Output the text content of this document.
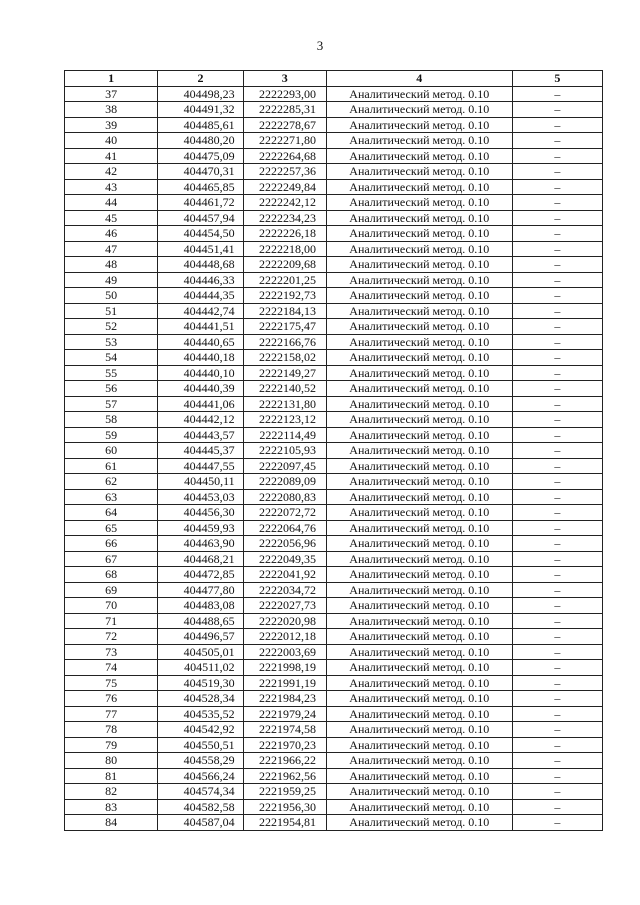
3
1	2	3	4	5
37	404498,23	2222293,00	Аналитический метод. 0.10	–
38	404491,32	2222285,31	Аналитический метод. 0.10	–
39	404485,61	2222278,67	Аналитический метод. 0.10	–
40	404480,20	2222271,80	Аналитический метод. 0.10	–
41	404475,09	2222264,68	Аналитический метод. 0.10	–
42	404470,31	2222257,36	Аналитический метод. 0.10	–
43	404465,85	2222249,84	Аналитический метод. 0.10	–
44	404461,72	2222242,12	Аналитический метод. 0.10	–
45	404457,94	2222234,23	Аналитический метод. 0.10	–
46	404454,50	2222226,18	Аналитический метод. 0.10	–
47	404451,41	2222218,00	Аналитический метод. 0.10	–
48	404448,68	2222209,68	Аналитический метод. 0.10	–
49	404446,33	2222201,25	Аналитический метод. 0.10	–
50	404444,35	2222192,73	Аналитический метод. 0.10	–
51	404442,74	2222184,13	Аналитический метод. 0.10	–
52	404441,51	2222175,47	Аналитический метод. 0.10	–
53	404440,65	2222166,76	Аналитический метод. 0.10	–
54	404440,18	2222158,02	Аналитический метод. 0.10	–
55	404440,10	2222149,27	Аналитический метод. 0.10	–
56	404440,39	2222140,52	Аналитический метод. 0.10	–
57	404441,06	2222131,80	Аналитический метод. 0.10	–
58	404442,12	2222123,12	Аналитический метод. 0.10	–
59	404443,57	2222114,49	Аналитический метод. 0.10	–
60	404445,37	2222105,93	Аналитический метод. 0.10	–
61	404447,55	2222097,45	Аналитический метод. 0.10	–
62	404450,11	2222089,09	Аналитический метод. 0.10	–
63	404453,03	2222080,83	Аналитический метод. 0.10	–
64	404456,30	2222072,72	Аналитический метод. 0.10	–
65	404459,93	2222064,76	Аналитический метод. 0.10	–
66	404463,90	2222056,96	Аналитический метод. 0.10	–
67	404468,21	2222049,35	Аналитический метод. 0.10	–
68	404472,85	2222041,92	Аналитический метод. 0.10	–
69	404477,80	2222034,72	Аналитический метод. 0.10	–
70	404483,08	2222027,73	Аналитический метод. 0.10	–
71	404488,65	2222020,98	Аналитический метод. 0.10	–
72	404496,57	2222012,18	Аналитический метод. 0.10	–
73	404505,01	2222003,69	Аналитический метод. 0.10	–
74	404511,02	2221998,19	Аналитический метод. 0.10	–
75	404519,30	2221991,19	Аналитический метод. 0.10	–
76	404528,34	2221984,23	Аналитический метод. 0.10	–
77	404535,52	2221979,24	Аналитический метод. 0.10	–
78	404542,92	2221974,58	Аналитический метод. 0.10	–
79	404550,51	2221970,23	Аналитический метод. 0.10	–
80	404558,29	2221966,22	Аналитический метод. 0.10	–
81	404566,24	2221962,56	Аналитический метод. 0.10	–
82	404574,34	2221959,25	Аналитический метод. 0.10	–
83	404582,58	2221956,30	Аналитический метод. 0.10	–
84	404587,04	2221954,81	Аналитический метод. 0.10	–
